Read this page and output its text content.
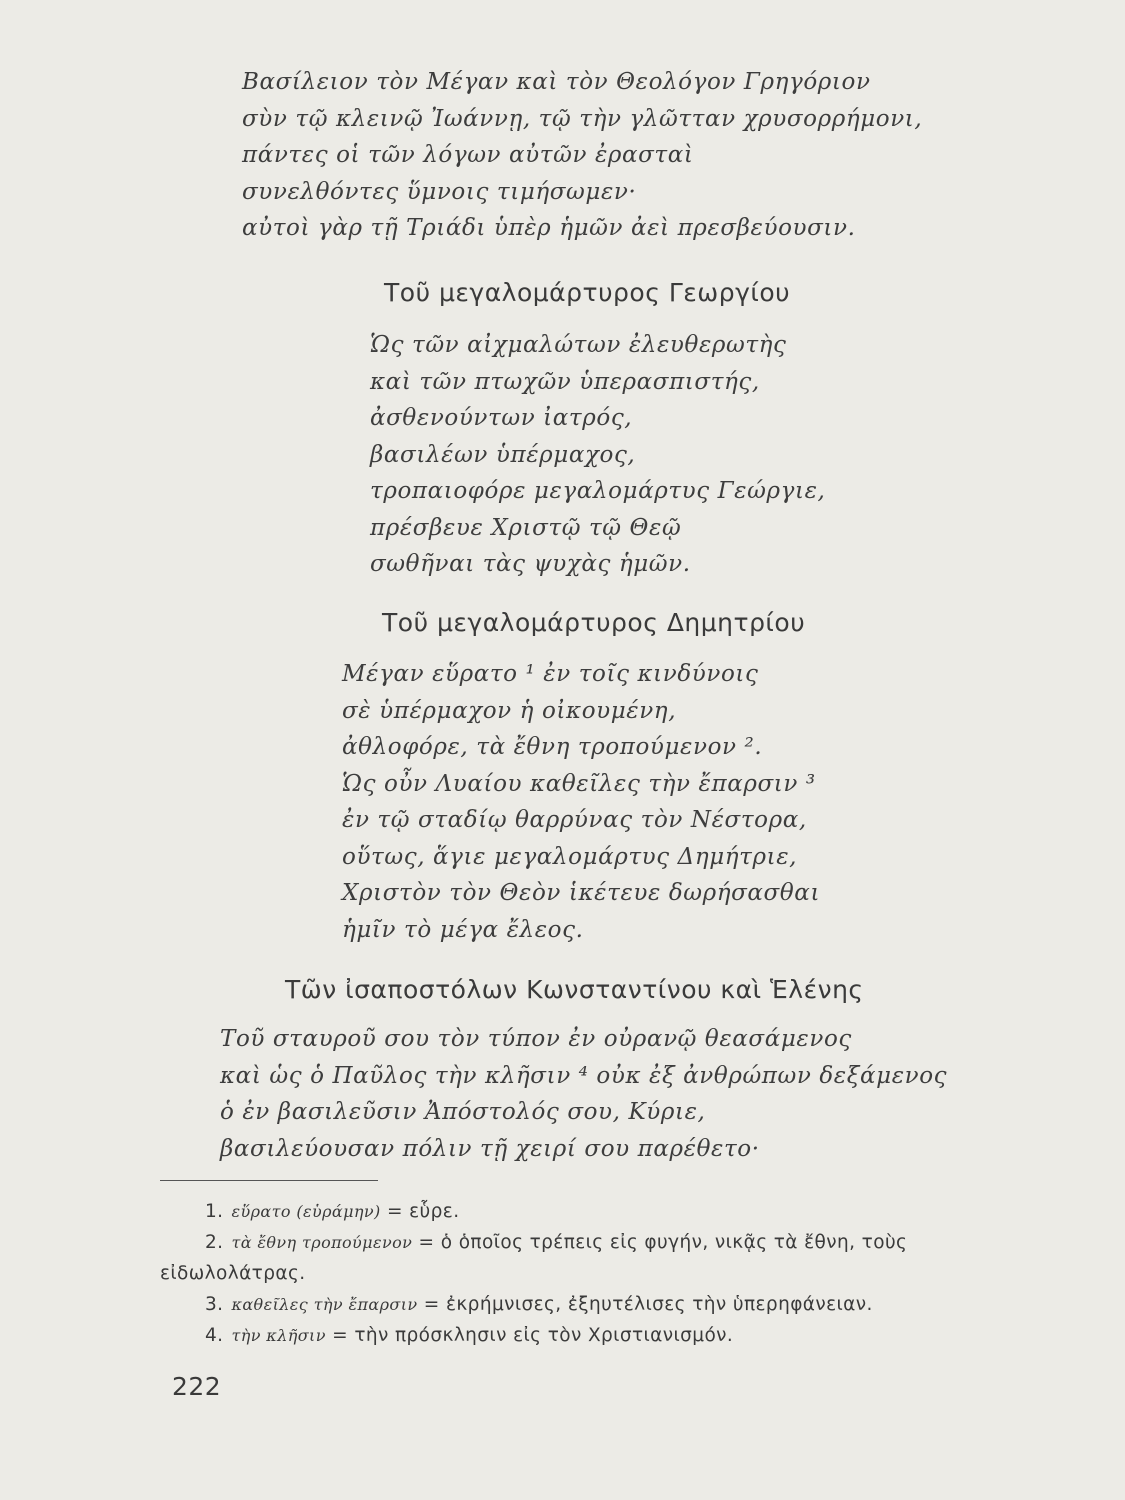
Βασίλειον τὸν Μέγαν καὶ τὸν Θεολόγον Γρηγόριον
σὺν τῷ κλεινῷ Ἰωάννῃ, τῷ τὴν γλῶτταν χρυσορρήμονι,
πάντες οἱ τῶν λόγων αὐτῶν ἐρασταὶ
συνελθόντες ὕμνοις τιμήσωμεν·
αὐτοὶ γὰρ τῇ Τριάδι ὑπὲρ ἡμῶν ἀεὶ πρεσβεύουσιν.
Τοῦ μεγαλομάρτυρος Γεωργίου
Ὡς τῶν αἰχμαλώτων ἐλευθερωτὴς
καὶ τῶν πτωχῶν ὑπερασπιστής,
ἀσθενούντων ἰατρός,
βασιλέων ὑπέρμαχος,
τροπαιοφόρε μεγαλομάρτυς Γεώργιε,
πρέσβευε Χριστῷ τῷ Θεῷ
σωθῆναι τὰς ψυχὰς ἡμῶν.
Τοῦ μεγαλομάρτυρος Δημητρίου
Μέγαν εὕρατο ¹ ἐν τοῖς κινδύνοις
σὲ ὑπέρμαχον ἡ οἰκουμένη,
ἀθλοφόρε, τὰ ἔθνη τροπούμενον ².
Ὡς οὖν Λυαίου καθεῖλες τὴν ἔπαρσιν ³
ἐν τῷ σταδίῳ θαρρύνας τὸν Νέστορα,
οὕτως, ἅγιε μεγαλομάρτυς Δημήτριε,
Χριστὸν τὸν Θεὸν ἱκέτευε δωρήσασθαι
ἡμῖν τὸ μέγα ἔλεος.
Τῶν ἰσαποστόλων Κωνσταντίνου καὶ Ἑλένης
Τοῦ σταυροῦ σου τὸν τύπον ἐν οὐρανῷ θεασάμενος
καὶ ὡς ὁ Παῦλος τὴν κλῆσιν ⁴ οὐκ ἐξ ἀνθρώπων δεξάμενος
ὁ ἐν βασιλεῦσιν Ἀπόστολός σου, Κύριε,
βασιλεύουσαν πόλιν τῇ χειρί σου παρέθετο·
1. εὕρατο (εὑράμην) = εὗρε.
2. τὰ ἔθνη τροπούμενον = ὁ ὁποῖος τρέπεις εἰς φυγήν, νικᾷς τὰ ἔθνη, τοὺς εἰδωλολάτρας.
3. καθεῖλες τὴν ἔπαρσιν = ἐκρήμνισες, ἐξηυτέλισες τὴν ὑπερηφάνειαν.
4. τὴν κλῆσιν = τὴν πρόσκλησιν εἰς τὸν Χριστιανισμόν.
222
